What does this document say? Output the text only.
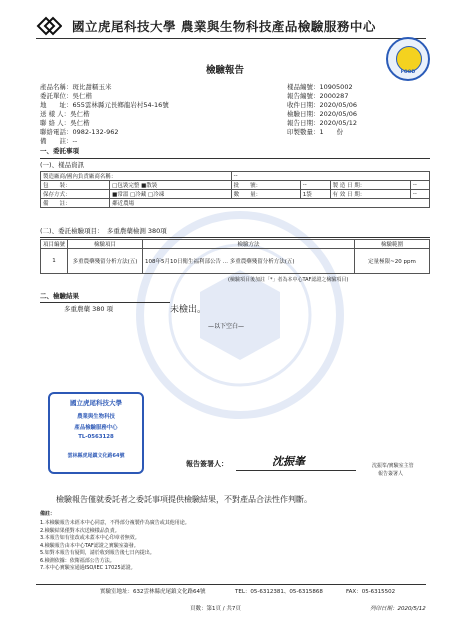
國立虎尾科技大學 農業與生物科技產品檢驗服務中心
FOOD
檢驗報告
產品名稱：斑比甜糯玉米
委託單位：吳仁楷
地　　址：655雲林縣元長鄉龍岩村54-16號
送 樣 人：吳仁楷
聯 絡 人：吳仁楷
聯絡電話：0982-132-962
備　　註：--
樣品編號：10905002
報告編號：2000287
收件日期：2020/05/06
檢驗日期：2020/05/06
報告日期：2020/05/12
印製數量：1　　份
一、委託事項
(一)、樣品資訊
製造廠商/國內負責廠商名稱：		--			
包　　裝：	□包裝完整 ■散裝	批　　號：	--	製 造 日 期：	--
保存方式：	■常溫 □冷藏 □冷凍	數　　量：	1袋	有 效 日 期：	--
備　　註：	鄰近農場				
(二)、委託檢驗項目：　多重農藥檢測 380項
項目編號	檢驗項目	檢驗方法	檢驗範圍
1	多重農藥殘留分析方法(五)	108年5月10日衛生福利部公告 ... 多重農藥殘留分析方法(五)	定量極限~20 ppm
(檢驗項目後加註「*」者為本中心TAF認證之檢驗項目)
二、檢驗結果
多重農藥 380 項	未檢出。
—以下空白—
國立虎尾科技大學
農業與生物科技
產品檢驗服務中心
TL-0563128
雲林縣虎尾鎮文化路64號
報告簽署人：	沈振峯	沈振峯/實驗室主管
報告簽署人
檢驗報告僅就委託者之委託事項提供檢驗結果，不對產品合法性作判斷。
備註：
1.本檢驗報告未經本中心同意，不得部分複製作為廣告或其他用途。
2.檢驗結果僅對本次送檢樣品負責。
3.本報告如有塗改或未蓋本中心印章者無效。
4.檢驗報告由本中心TAF認證之實驗室簽發。
5.如對本報告有疑問，請於收到報告後七日內提出。
6.檢測依據：依衛福部公告方法。
7.本中心實驗室通過ISO/IEC 17025認證。
實驗室地址：632雲林縣虎尾鎮文化路64號	TEL：05-6312381、05-6315868	FAX：05-6315502
頁數：第1頁 / 共7頁	列印日期：2020/5/12
